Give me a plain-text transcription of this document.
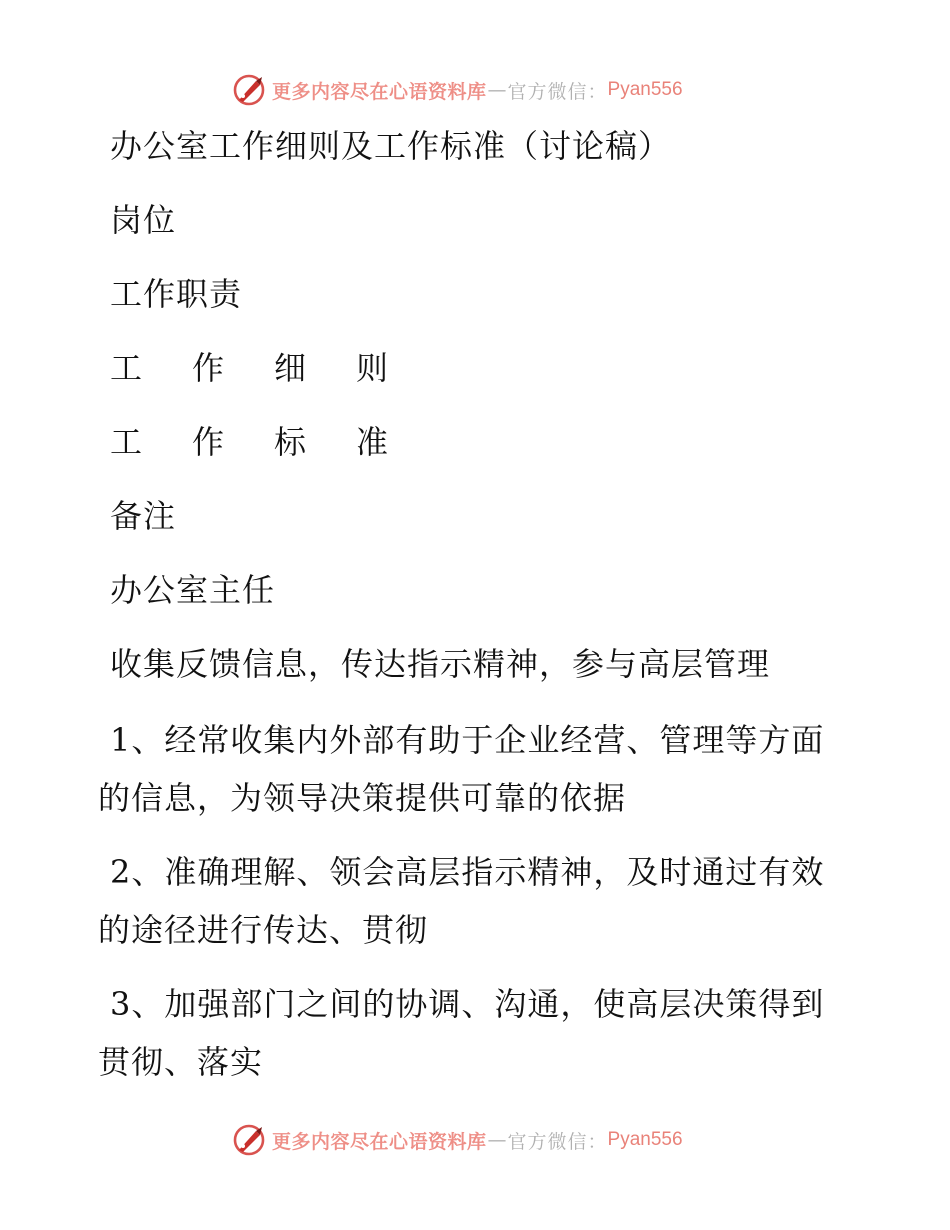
更多内容尽在心语资料库 — 官方微信： Pyan556
办公室工作细则及工作标准（讨论稿）
岗位
工作职责
工作细则
工作标准
备注
办公室主任
收集反馈信息，传达指示精神，参与高层管理
1、经常收集内外部有助于企业经营、管理等方面的信息，为领导决策提供可靠的依据
2、准确理解、领会高层指示精神，及时通过有效的途径进行传达、贯彻
3、加强部门之间的协调、沟通，使高层决策得到贯彻、落实
更多内容尽在心语资料库 — 官方微信： Pyan556
